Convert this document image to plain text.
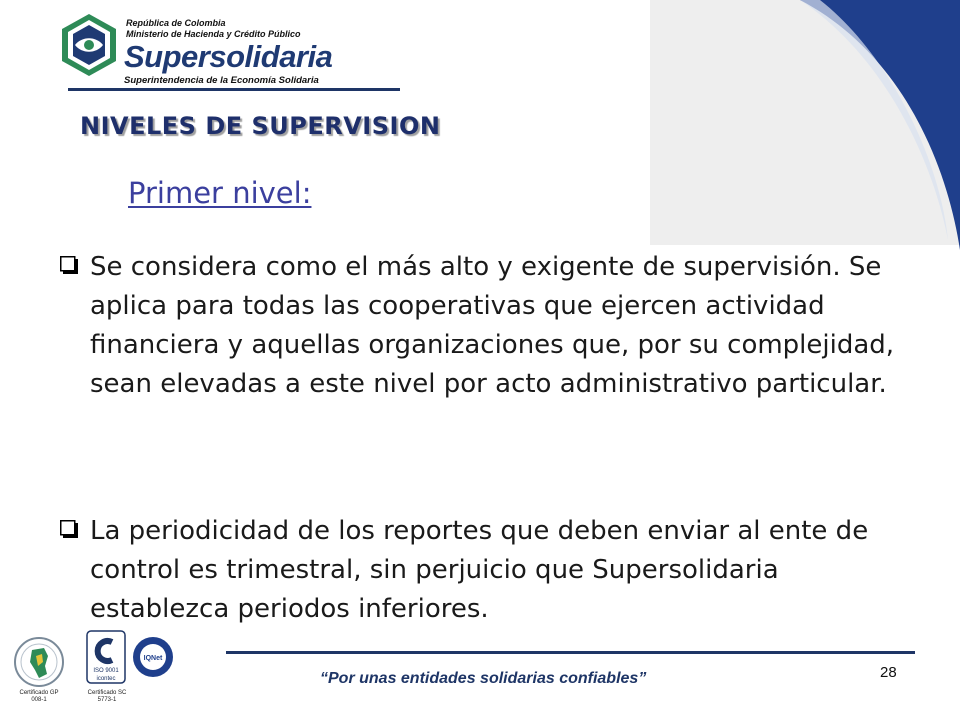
República de Colombia
Ministerio de Hacienda y Crédito Público
Supersolidaria
Superintendencia de la Economía Solidaria
NIVELES DE SUPERVISION
Primer nivel:
Se considera como el más alto y exigente de supervisión. Se aplica para todas las cooperativas que ejercen actividad financiera y aquellas organizaciones que, por su complejidad, sean elevadas a este nivel por acto administrativo particular.
La periodicidad de los reportes que deben enviar al ente de control es trimestral, sin perjuicio que Supersolidaria establezca periodos inferiores.
28
“Por unas entidades solidarias confiables”
Certificado GP 008-1
ISO 9001
icontec
Certificado SC 5773-1
IQNet
